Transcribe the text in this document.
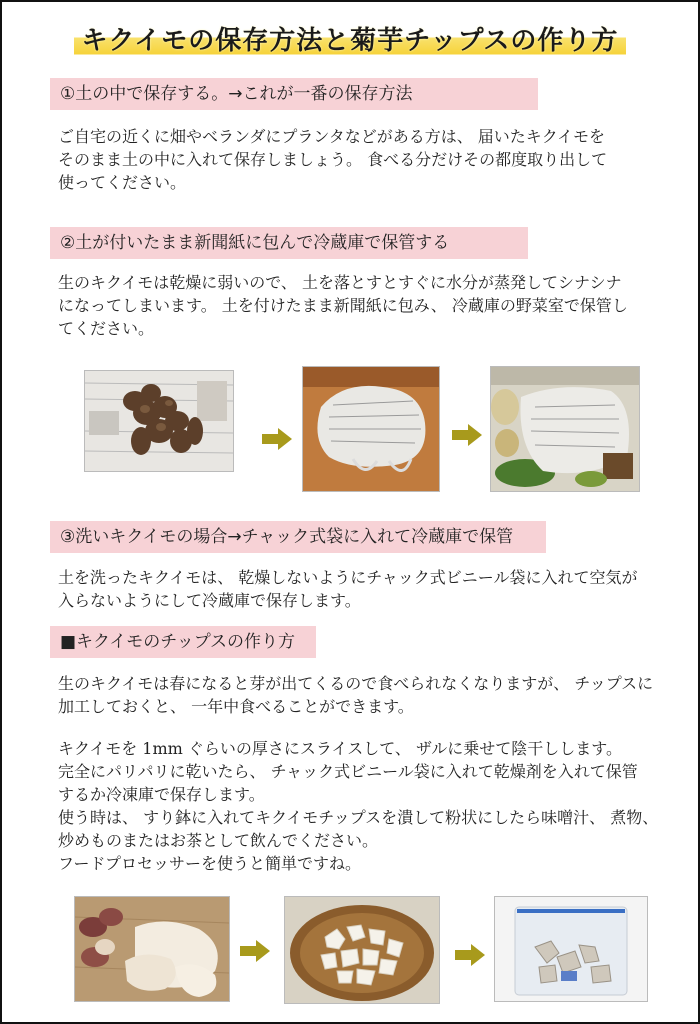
キクイモの保存方法と菊芋チップスの作り方
①土の中で保存する。→これが一番の保存方法
ご自宅の近くに畑やベランダにプランタなどがある方は、 届いたキクイモを
そのまま土の中に入れて保存しましょう。 食べる分だけその都度取り出して
使ってください。
②土が付いたまま新聞紙に包んで冷蔵庫で保管する
生のキクイモは乾燥に弱いので、 土を落とすとすぐに水分が蒸発してシナシナ
になってしまいます。 土を付けたまま新聞紙に包み、 冷蔵庫の野菜室で保管し
てください。
③洗いキクイモの場合→チャック式袋に入れて冷蔵庫で保管
土を洗ったキクイモは、 乾燥しないようにチャック式ビニール袋に入れて空気が
入らないようにして冷蔵庫で保存します。
■キクイモのチップスの作り方
生のキクイモは春になると芽が出てくるので食べられなくなりますが、 チップスに
加工しておくと、 一年中食べることができます。
キクイモを 1mm ぐらいの厚さにスライスして、 ザルに乗せて陰干しします。
完全にパリパリに乾いたら、 チャック式ビニール袋に入れて乾燥剤を入れて保管
するか冷凍庫で保存します。
使う時は、 すり鉢に入れてキクイモチップスを潰して粉状にしたら味噌汁、 煮物、
炒めものまたはお茶として飲んでください。
フードプロセッサーを使うと簡単ですね。
